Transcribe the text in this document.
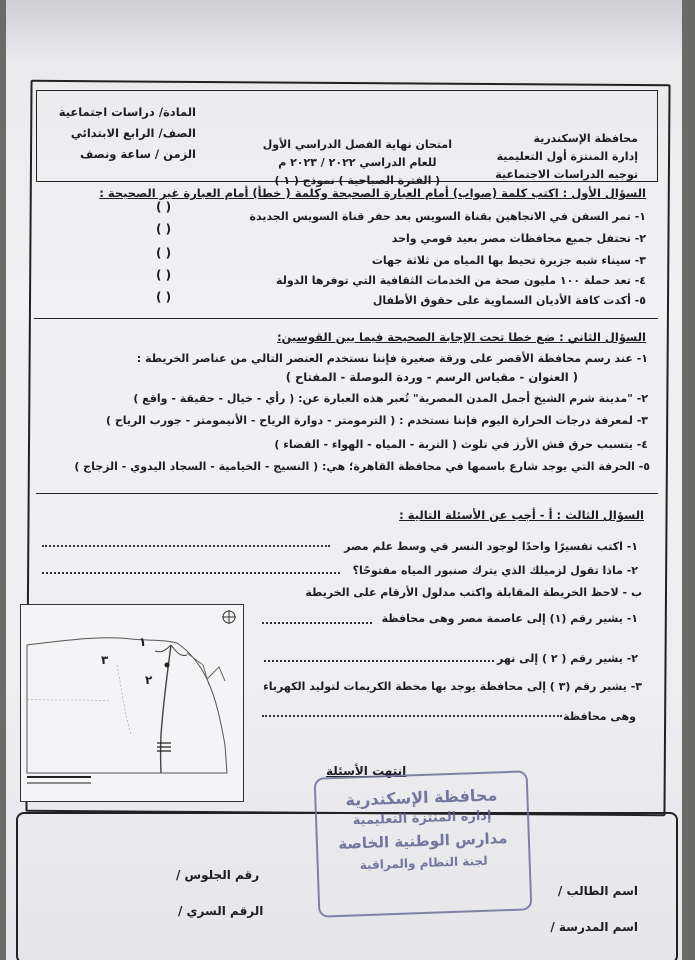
محافظة الإسكندرية
إدارة المنتزة أول التعليمية
توجيه الدراسات الاجتماعية
امتحان نهاية الفصل الدراسي الأول
للعام الدراسي ٢٠٢٢ / ٢٠٢٣ م
( الفترة الصباحية ) نموذج ( ١ )
المادة/ دراسات اجتماعية
الصف/ الرابع الابتدائي
الزمن / ساعة ونصف
السؤال الأول : اكتب كلمة (صواب) أمام العبارة الصحيحة وكلمة ( خطأ) أمام العبارة غير الصحيحة :
١- تمر السفن في الاتجاهين بقناة السويس بعد حفر قناة السويس الجديدة
٢- تحتفل جميع محافظات مصر بعيد قومي واحد
٣- سيناء شبه جزيرة تحيط بها المياه من ثلاثة جهات
٤- تعد حملة ١٠٠ مليون صحة من الخدمات الثقافية التي توفرها الدولة
٥- أكدت كافة الأديان السماوية على حقوق الأطفال
( )
( )
( )
( )
( )
السؤال الثاني : ضع خطا تحت الإجابة الصحيحة فيما بين القوسين:
١- عند رسم محافظة الأقصر على ورقة صغيرة فإننا نستخدم العنصر التالي من عناصر الخريطة :
( العنوان - مقياس الرسم - وردة البوصلة - المفتاح )
٢- "مدينة شرم الشيخ أجمل المدن المصرية" تُعبر هذه العبارة عن: ( رأي - خيال - حقيقة - واقع )
٣- لمعرفة درجات الحرارة اليوم فإننا نستخدم : ( الترمومتر - دوارة الرياح - الأنيمومتر - جورب الرياح )
٤- يتسبب حرق قش الأرز في تلوث ( التربة - المياه - الهواء - الفضاء )
٥- الحرفة التي يوجد شارع باسمها في محافظة القاهرة؛ هي: ( النسيج - الخيامية - السجاد اليدوي - الزجاج )
السؤال الثالث : أ - أجب عن الأسئلة التالية :
١- اكتب تفسيرًا واحدًا لوجود النسر في وسط علم مصر
٢- ماذا تقول لزميلك الذي يترك صنبور المياه مفتوحًا؟
ب - لاحظ الخريطة المقابلة واكتب مدلول الأرقام على الخريطة
١- يشير رقم (١) إلى عاصمة مصر وهى محافظة
٢- يشير رقم ( ٢ ) إلى نهر
٣- يشير رقم (٣ ) إلى محافظة يوجد بها محطة الكريمات لتوليد الكهرباء
وهى محافظة
٣
٢
١
انتهت الأسئلة
اسم الطالب /
اسم المدرسة /
رقم الجلوس /
الرقم السري /
محافظة الإسكندرية
إدارة المنتزة التعليمية
مدارس الوطنية الخاصة
لجنة النظام والمراقبة
